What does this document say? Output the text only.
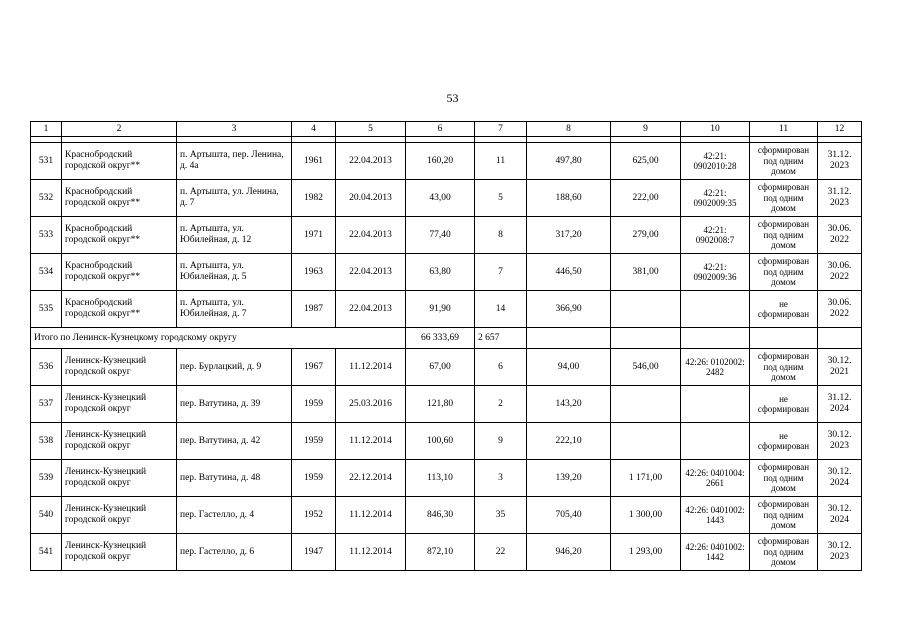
53
1	2	3	4	5	6	7	8	9	10	11	12

531	Краснобродский городской округ**	п. Артышта, пер. Ленина, д. 4а	1961	22.04.2013	160,20	11	497,80	625,00	42:21: 0902010:28	сформирован под одним домом	31.12. 2023
532	Краснобродский городской округ**	п. Артышта, ул. Ленина, д. 7	1982	20.04.2013	43,00	5	188,60	222,00	42:21: 0902009:35	сформирован под одним домом	31.12. 2023
533	Краснобродский городской округ**	п. Артышта, ул. Юбилейная, д. 12	1971	22.04.2013	77,40	8	317,20	279,00	42:21: 0902008:7	сформирован под одним домом	30.06. 2022
534	Краснобродский городской округ**	п. Артышта, ул. Юбилейная, д. 5	1963	22.04.2013	63,80	7	446,50	381,00	42:21: 0902009:36	сформирован под одним домом	30.06. 2022
535	Краснобродский городской округ**	п. Артышта, ул. Юбилейная, д. 7	1987	22.04.2013	91,90	14	366,90			не сформирован	30.06. 2022
Итого по Ленинск-Кузнецкому городскому округу					66 333,69	2 657					
536	Ленинск-Кузнецкий городской округ	пер. Бурлацкий, д. 9	1967	11.12.2014	67,00	6	94,00	546,00	42:26: 0102002: 2482	сформирован под одним домом	30.12. 2021
537	Ленинск-Кузнецкий городской округ	пер. Ватутина, д. 39	1959	25.03.2016	121,80	2	143,20			не сформирован	31.12. 2024
538	Ленинск-Кузнецкий городской округ	пер. Ватутина, д. 42	1959	11.12.2014	100,60	9	222,10			не сформирован	30.12. 2023
539	Ленинск-Кузнецкий городской округ	пер. Ватутина, д. 48	1959	22.12.2014	113,10	3	139,20	1 171,00	42:26: 0401004: 2661	сформирован под одним домом	30.12. 2024
540	Ленинск-Кузнецкий городской округ	пер. Гастелло, д. 4	1952	11.12.2014	846,30	35	705,40	1 300,00	42:26: 0401002: 1443	сформирован под одним домом	30.12. 2024
541	Ленинск-Кузнецкий городской округ	пер. Гастелло, д. 6	1947	11.12.2014	872,10	22	946,20	1 293,00	42:26: 0401002: 1442	сформирован под одним домом	30.12. 2023
